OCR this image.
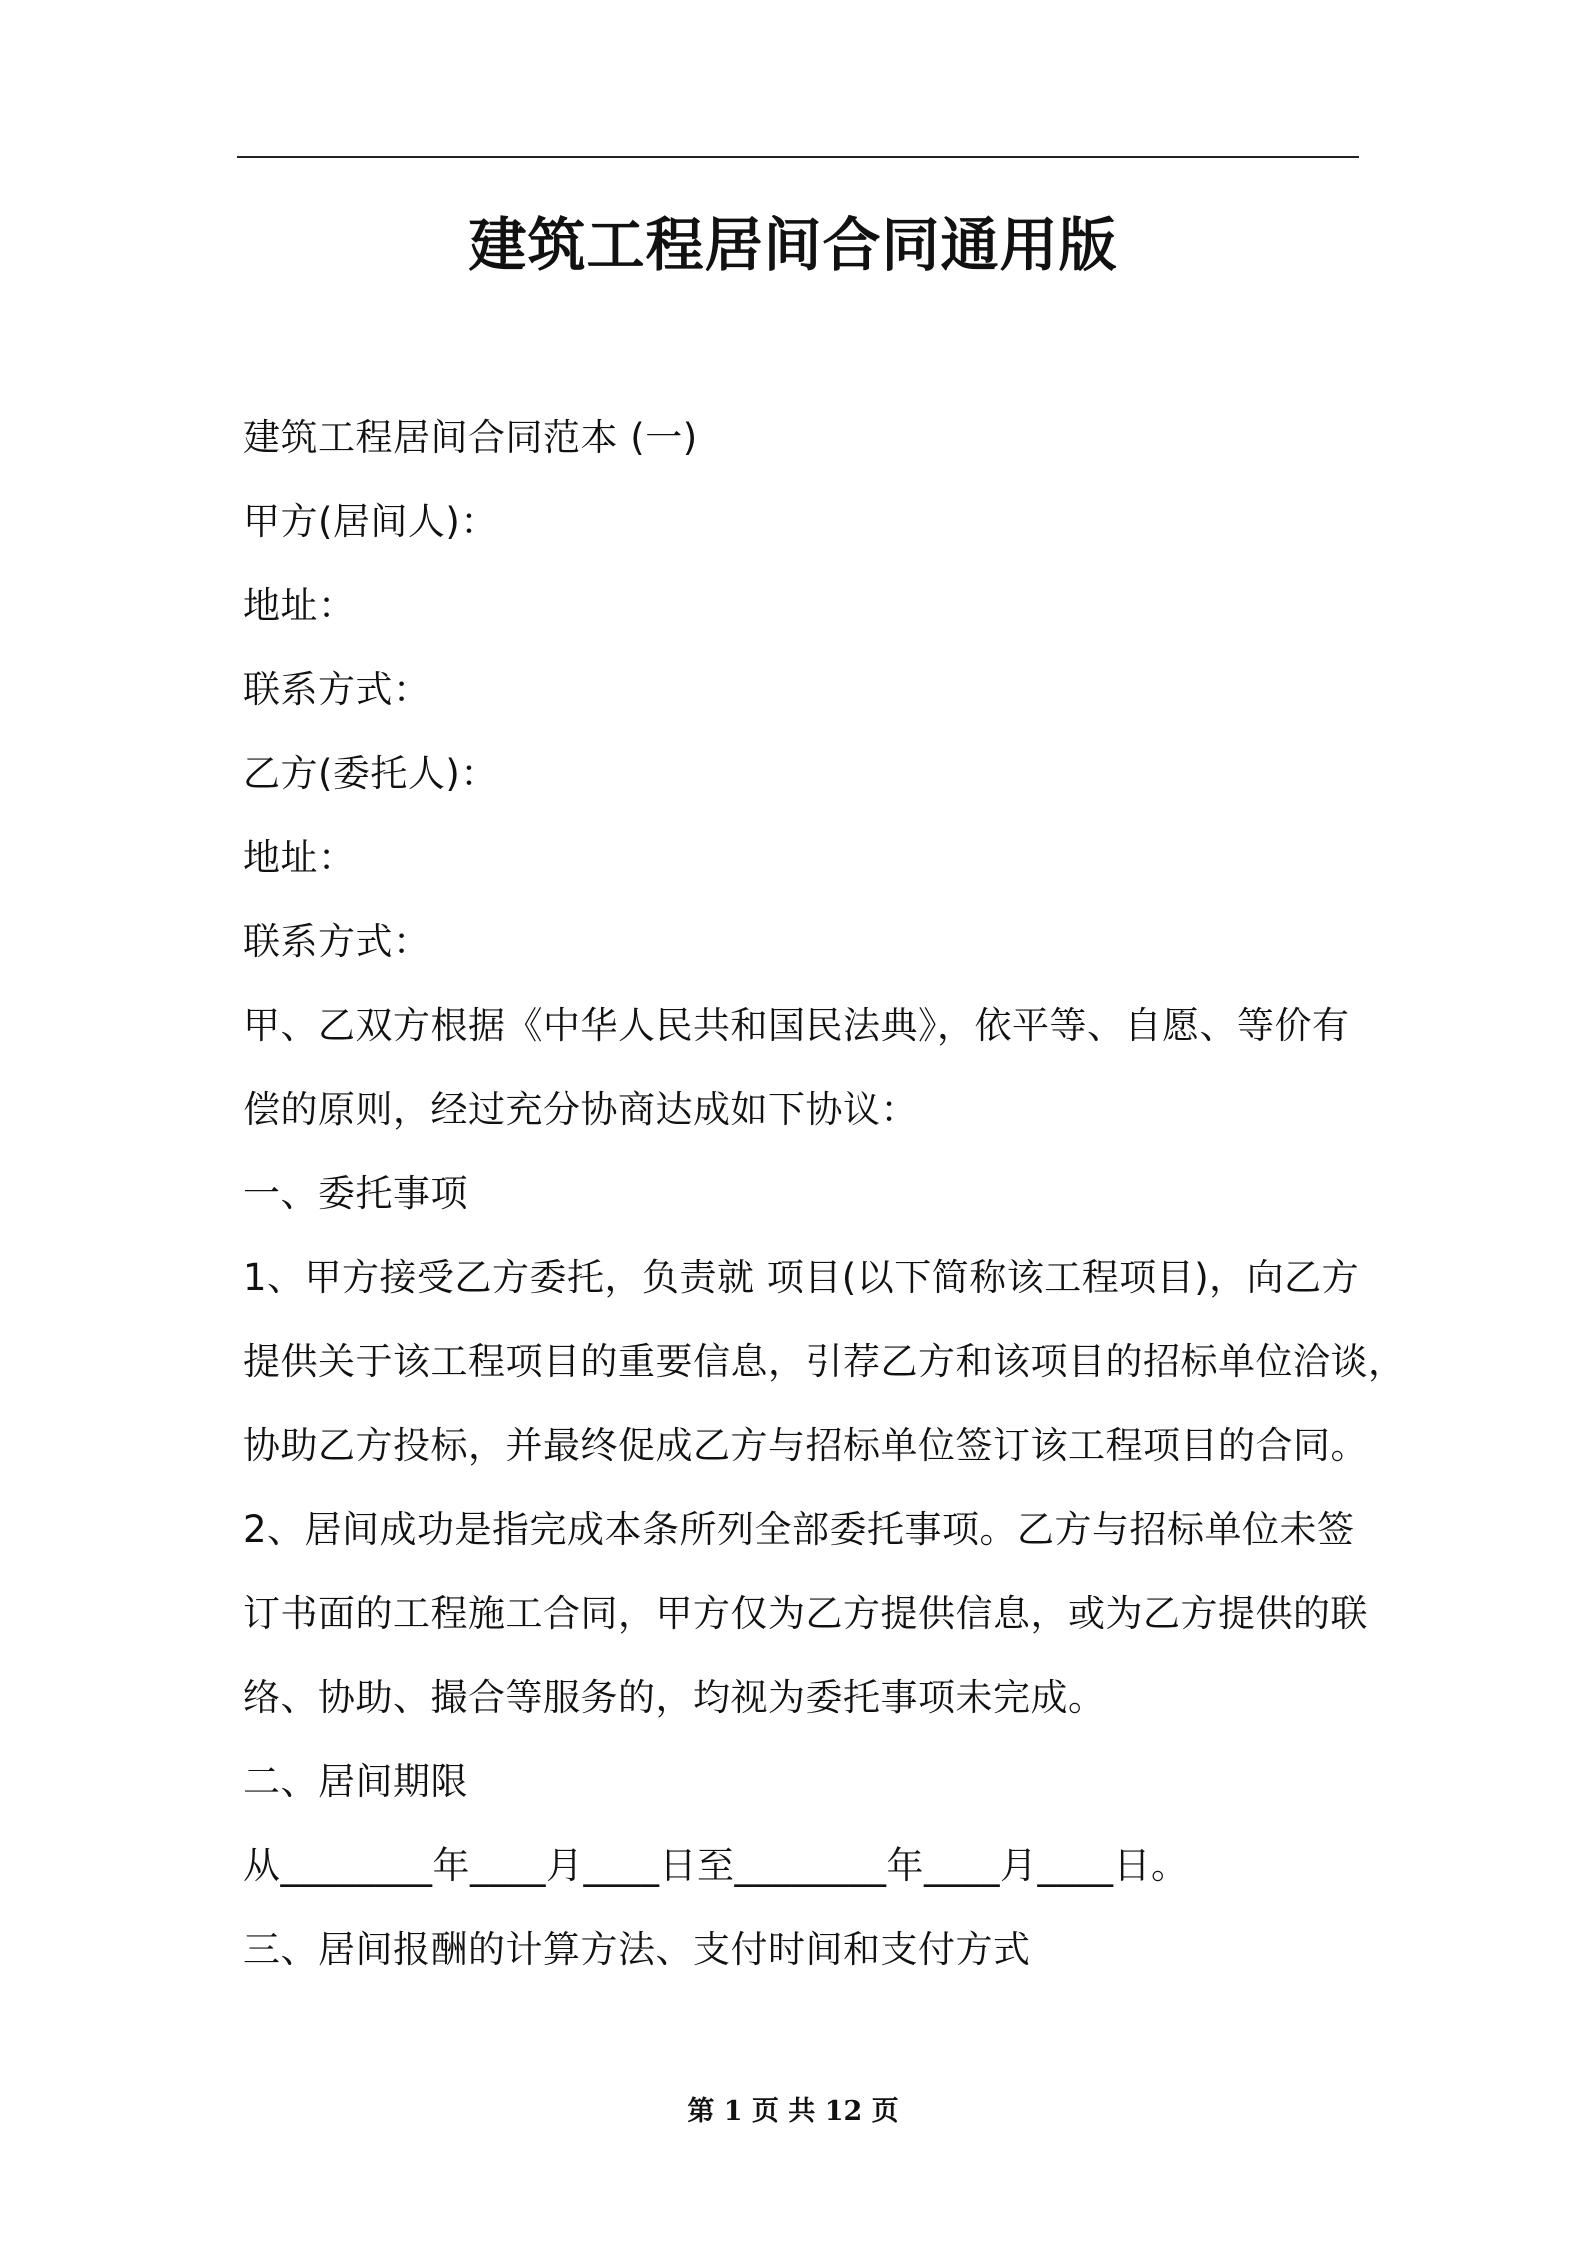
建筑工程居间合同通用版
建筑工程居间合同范本 (一)
甲方(居间人)：
地址：
联系方式：
乙方(委托人)：
地址：
联系方式：
甲、乙双方根据《中华人民共和国民法典》，依平等、自愿、等价有
偿的原则，经过充分协商达成如下协议：
一、委托事项
1、甲方接受乙方委托，负责就 项目(以下简称该工程项目)，向乙方
提供关于该工程项目的重要信息，引荐乙方和该项目的招标单位洽谈，
协助乙方投标，并最终促成乙方与招标单位签订该工程项目的合同。
2、居间成功是指完成本条所列全部委托事项。乙方与招标单位未签
订书面的工程施工合同，甲方仅为乙方提供信息，或为乙方提供的联
络、协助、撮合等服务的，均视为委托事项未完成。
二、居间期限
从________年____月____日至________年____月____日。
三、居间报酬的计算方法、支付时间和支付方式
第 1 页 共 12 页
